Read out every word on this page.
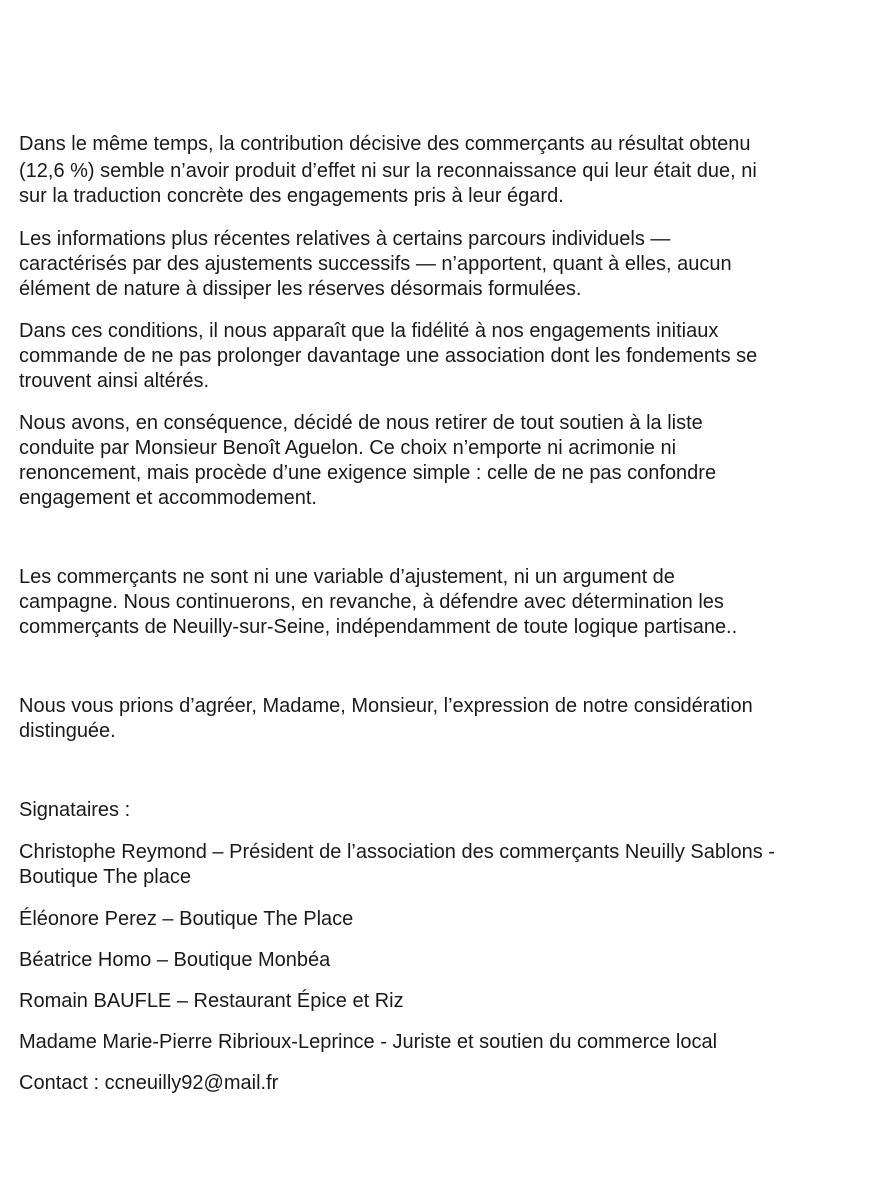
Dans le même temps, la contribution décisive des commerçants au résultat obtenu
(12,6 %) semble n’avoir produit d’effet ni sur la reconnaissance qui leur était due, ni
sur la traduction concrète des engagements pris à leur égard.
Les informations plus récentes relatives à certains parcours individuels —
caractérisés par des ajustements successifs — n’apportent, quant à elles, aucun
élément de nature à dissiper les réserves désormais formulées.
Dans ces conditions, il nous apparaît que la fidélité à nos engagements initiaux
commande de ne pas prolonger davantage une association dont les fondements se
trouvent ainsi altérés.
Nous avons, en conséquence, décidé de nous retirer de tout soutien à la liste
conduite par Monsieur Benoît Aguelon. Ce choix n’emporte ni acrimonie ni
renoncement, mais procède d’une exigence simple : celle de ne pas confondre
engagement et accommodement.
Les commerçants ne sont ni une variable d’ajustement, ni un argument de
campagne. Nous continuerons, en revanche, à défendre avec détermination les
commerçants de Neuilly-sur-Seine, indépendamment de toute logique partisane..
Nous vous prions d’agréer, Madame, Monsieur, l’expression de notre considération
distinguée.
Signataires :
Christophe Reymond – Président de l’association des commerçants Neuilly Sablons -
Boutique The place
Éléonore Perez – Boutique The Place
Béatrice Homo – Boutique Monbéa
Romain BAUFLE – Restaurant Épice et Riz
Madame Marie-Pierre Ribrioux-Leprince - Juriste et soutien du commerce local
Contact : ccneuilly92@mail.fr
